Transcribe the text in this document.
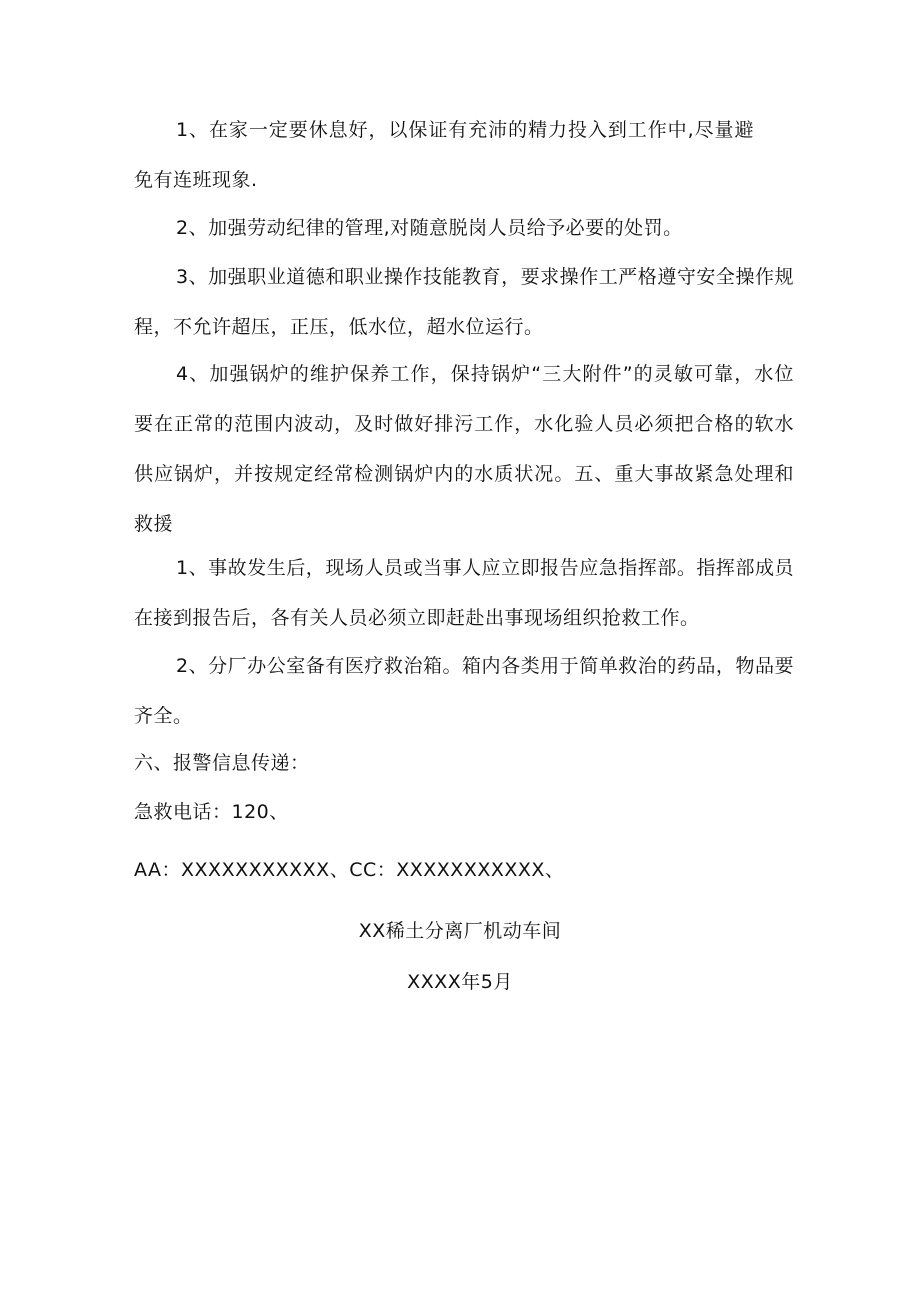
1、在家一定要休息好，以保证有充沛的精力投入到工作中,尽量避免有连班现象.

2、加强劳动纪律的管理,对随意脱岗人员给予必要的处罚。

3、加强职业道德和职业操作技能教育，要求操作工严格遵守安全操作规程，不允许超压，正压，低水位，超水位运行。

4、加强锅炉的维护保养工作，保持锅炉“三大附件”的灵敏可靠，水位要在正常的范围内波动，及时做好排污工作，水化验人员必须把合格的软水供应锅炉，并按规定经常检测锅炉内的水质状况。五、重大事故紧急处理和救援

1、事故发生后，现场人员或当事人应立即报告应急指挥部。指挥部成员在接到报告后，各有关人员必须立即赶赴出事现场组织抢救工作。

2、分厂办公室备有医疗救治箱。箱内各类用于简单救治的药品，物品要齐全。

六、报警信息传递：

急救电话：120、

AA：XXXXXXXXXXX、CC：XXXXXXXXXXX、

XX稀土分离厂机动车间

XXXX年5月
